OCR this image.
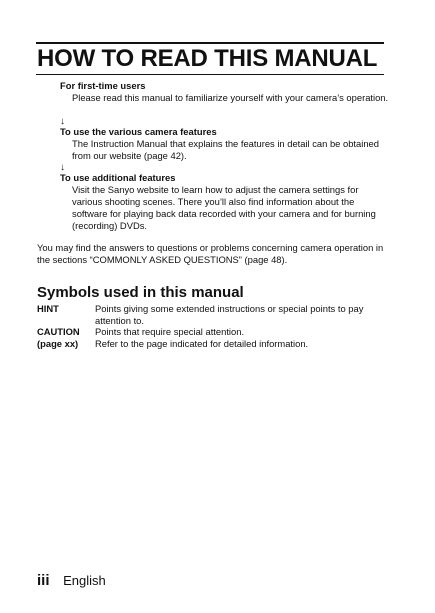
HOW TO READ THIS MANUAL
For first-time users
Please read this manual to familiarize yourself with your camera’s operation.
↓
To use the various camera features
The Instruction Manual that explains the features in detail can be obtained from our website (page 42).
↓
To use additional features
Visit the Sanyo website to learn how to adjust the camera settings for various shooting scenes. There you’ll also find information about the software for playing back data recorded with your camera and for burning (recording) DVDs.

You may find the answers to questions or problems concerning camera operation in the sections “COMMONLY ASKED QUESTIONS” (page 48).

Symbols used in this manual
HINT	Points giving some extended instructions or special points to pay attention to.
CAUTION Points that require special attention.
(page xx) Refer to the page indicated for detailed information.
iii English
